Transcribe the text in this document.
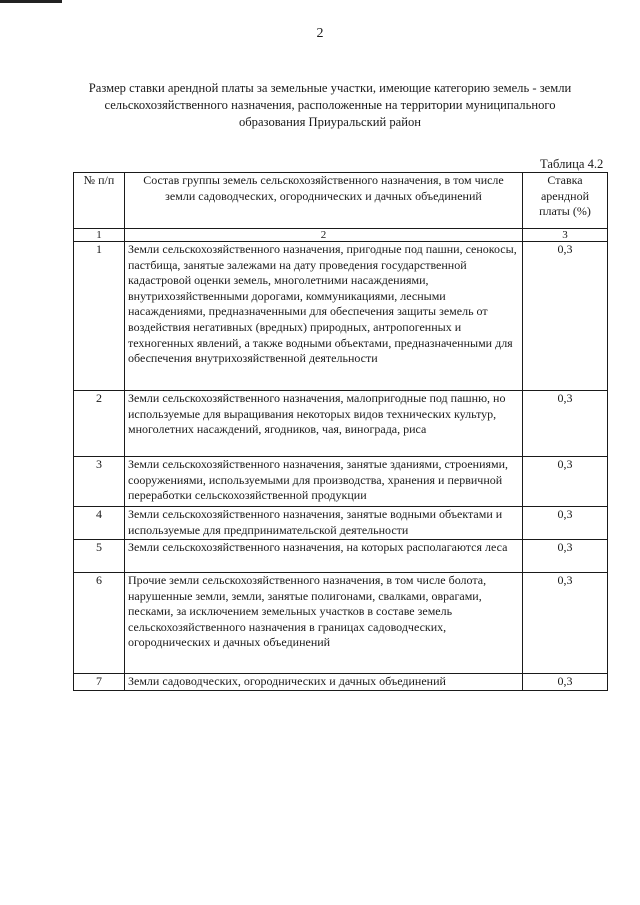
2
Размер ставки арендной платы за земельные участки, имеющие категорию земель - земли сельскохозяйственного назначения, расположенные на территории муниципального образования Приуральский район
Таблица 4.2
№ п/п	Состав группы земель сельскохозяйственного назначения, в том числе земли садоводческих, огороднических и дачных объединений	Ставка арендной платы (%)
1	2	3
1	Земли сельскохозяйственного назначения, пригодные под пашни, сенокосы, пастбища, занятые залежами на дату проведения государственной кадастровой оценки земель, многолетними насаждениями, внутрихозяйственными дорогами, коммуникациями, лесными насаждениями, предназначенными для обеспечения защиты земель от воздействия негативных (вредных) природных, антропогенных и техногенных явлений, а также водными объектами, предназначенными для обеспечения внутрихозяйственной деятельности	0,3
2	Земли сельскохозяйственного назначения, малопригодные под пашню, но используемые для выращивания некоторых видов технических культур, многолетних насаждений, ягодников, чая, винограда, риса	0,3
3	Земли сельскохозяйственного назначения, занятые зданиями, строениями, сооружениями, используемыми для производства, хранения и первичной переработки сельскохозяйственной продукции	0,3
4	Земли сельскохозяйственного назначения, занятые водными объектами и используемые для предпринимательской деятельности	0,3
5	Земли сельскохозяйственного назначения, на которых располагаются леса	0,3
6	Прочие земли сельскохозяйственного назначения, в том числе болота, нарушенные земли, земли, занятые полигонами, свалками, оврагами, песками, за исключением земельных участков в составе земель сельскохозяйственного назначения в границах садоводческих, огороднических и дачных объединений	0,3
7	Земли садоводческих, огороднических и дачных объединений	0,3
